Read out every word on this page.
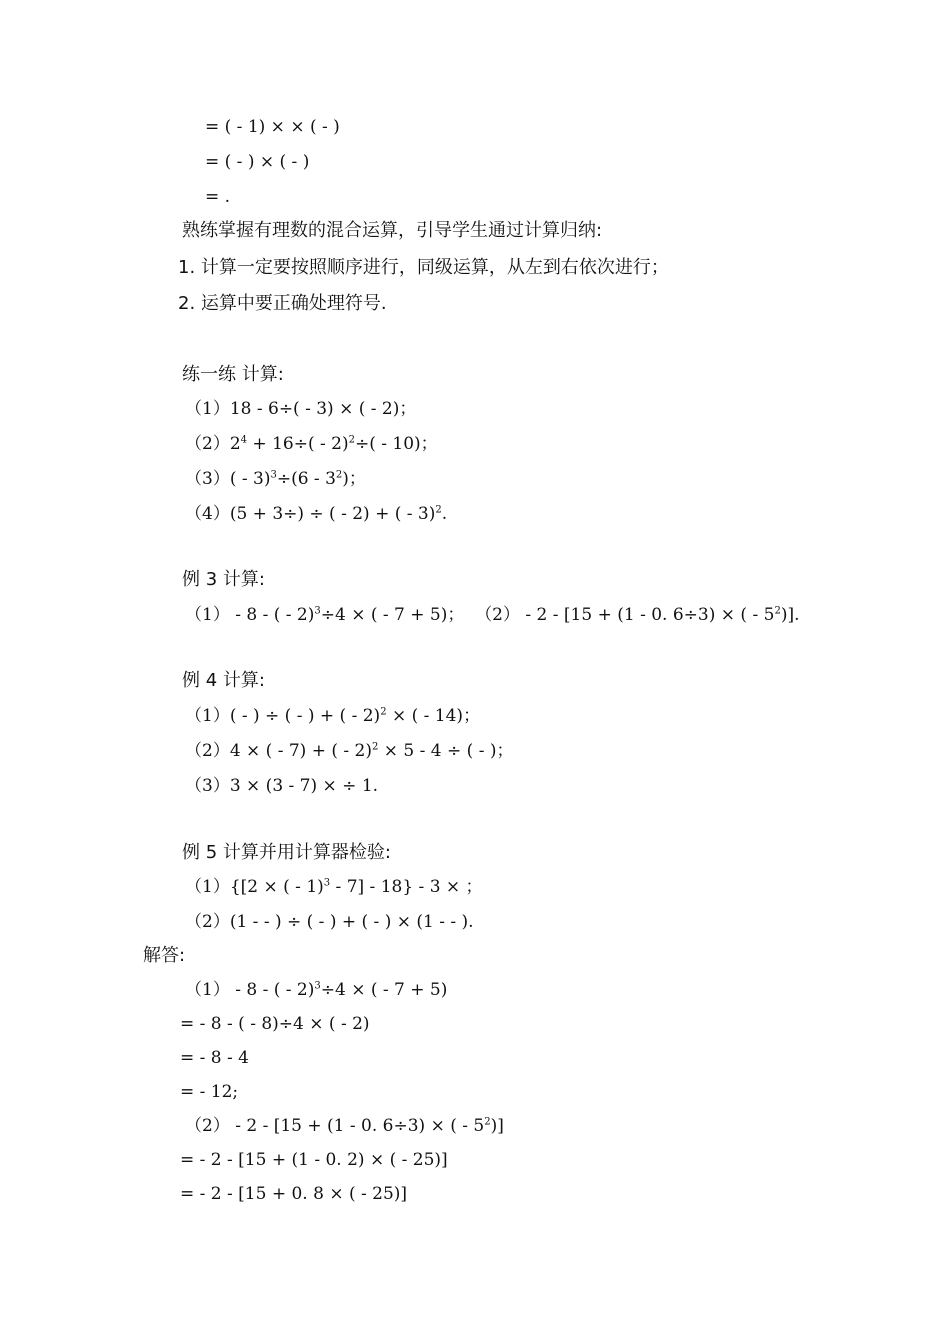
= ( - 1) × × ( - )
= ( - ) × ( - )
= .
熟练掌握有理数的混合运算，引导学生通过计算归纳:
1. 计算一定要按照顺序进行，同级运算，从左到右依次进行；
2. 运算中要正确处理符号.
练一练 计算:
（1）18 - 6÷( - 3) × ( - 2)；
$(2)2^4 + 16\div( - 2)^2\div( - 10)$；
$(3)( - 3)^3\div(6 - 3^2)$；
（4）(5 + 3÷) ÷ ( - 2) + ( - 3)$^2$.
例 3 计算:
（1） - 8 - ( - 2)$^3$÷4 × ( - 7 + 5)； （2） - 2 - [15 + (1 - 0. 6÷3) × ( - $5^2$)].
例 4 计算:
（1）( - ) ÷ ( - ) + ( - 2)$^2$ × ( - 14)；
（2）4 × ( - 7) + ( - 2)$^2$ × 5 - 4 ÷ ( - )；
（3）3 × (3 - 7) × ÷ 1.
例 5 计算并用计算器检验:
（1）{[2 × ( - 1)$^3$ - 7] - 18} - 3 × ；
（2）(1 - - ) ÷ ( - ) + ( - ) × (1 - - ).
解答:
（1） - 8 - ( - 2)$^3$÷4 × ( - 7 + 5)
= - 8 - ( - 8)÷4 × ( - 2)
= - 8 - 4
= - 12;
（2） - 2 - [15 + (1 - 0. 6÷3) × ( - $5^2$)]
= - 2 - [15 + (1 - 0. 2) × ( - 25)]
= - 2 - [15 + 0. 8 × ( - 25)]
